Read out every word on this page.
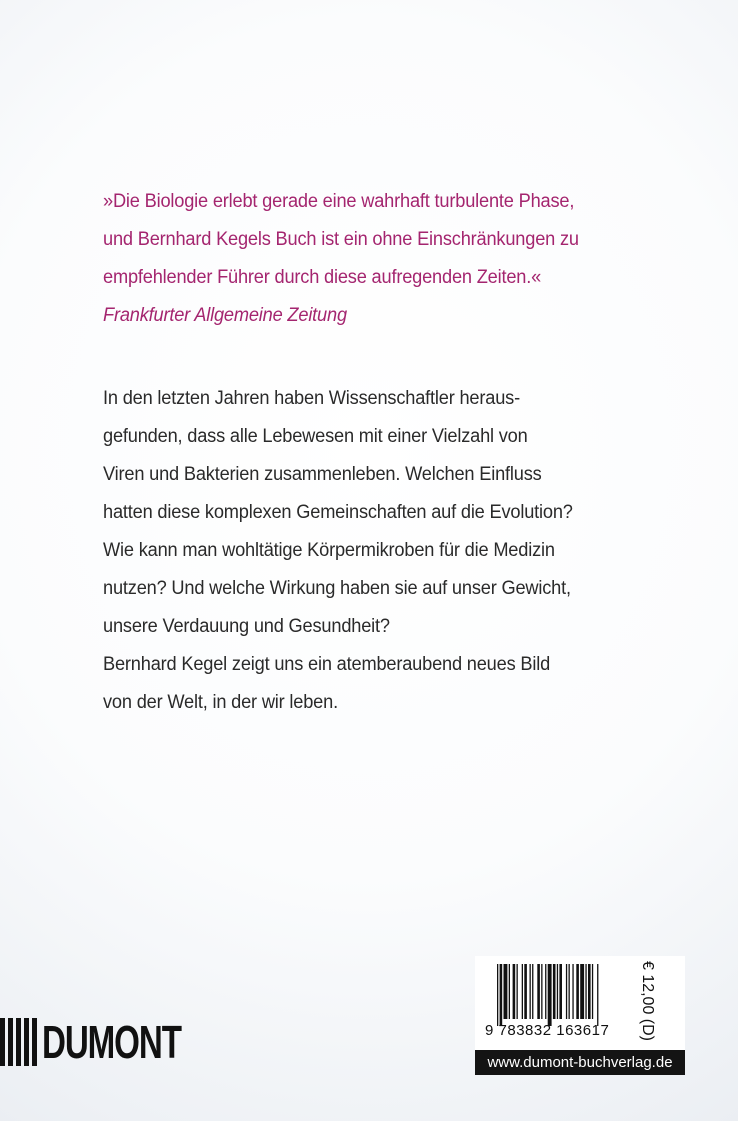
»Die Biologie erlebt gerade eine wahrhaft turbulente Phase,
und Bernhard Kegels Buch ist ein ohne Einschränkungen zu
empfehlender Führer durch diese aufregenden Zeiten.«
Frankfurter Allgemeine Zeitung
In den letzten Jahren haben Wissenschaftler heraus-
gefunden, dass alle Lebewesen mit einer Vielzahl von
Viren und Bakterien zusammenleben. Welchen Einfluss
hatten diese komplexen Gemeinschaften auf die Evolution?
Wie kann man wohltätige Körpermikroben für die Medizin
nutzen? Und welche Wirkung haben sie auf unser Gewicht,
unsere Verdauung und Gesundheit?
Bernhard Kegel zeigt uns ein atemberaubend neues Bild
von der Welt, in der wir leben.
DUMONT	9 783832 163617 € 12,00 (D)
www.dumont-buchverlag.de
